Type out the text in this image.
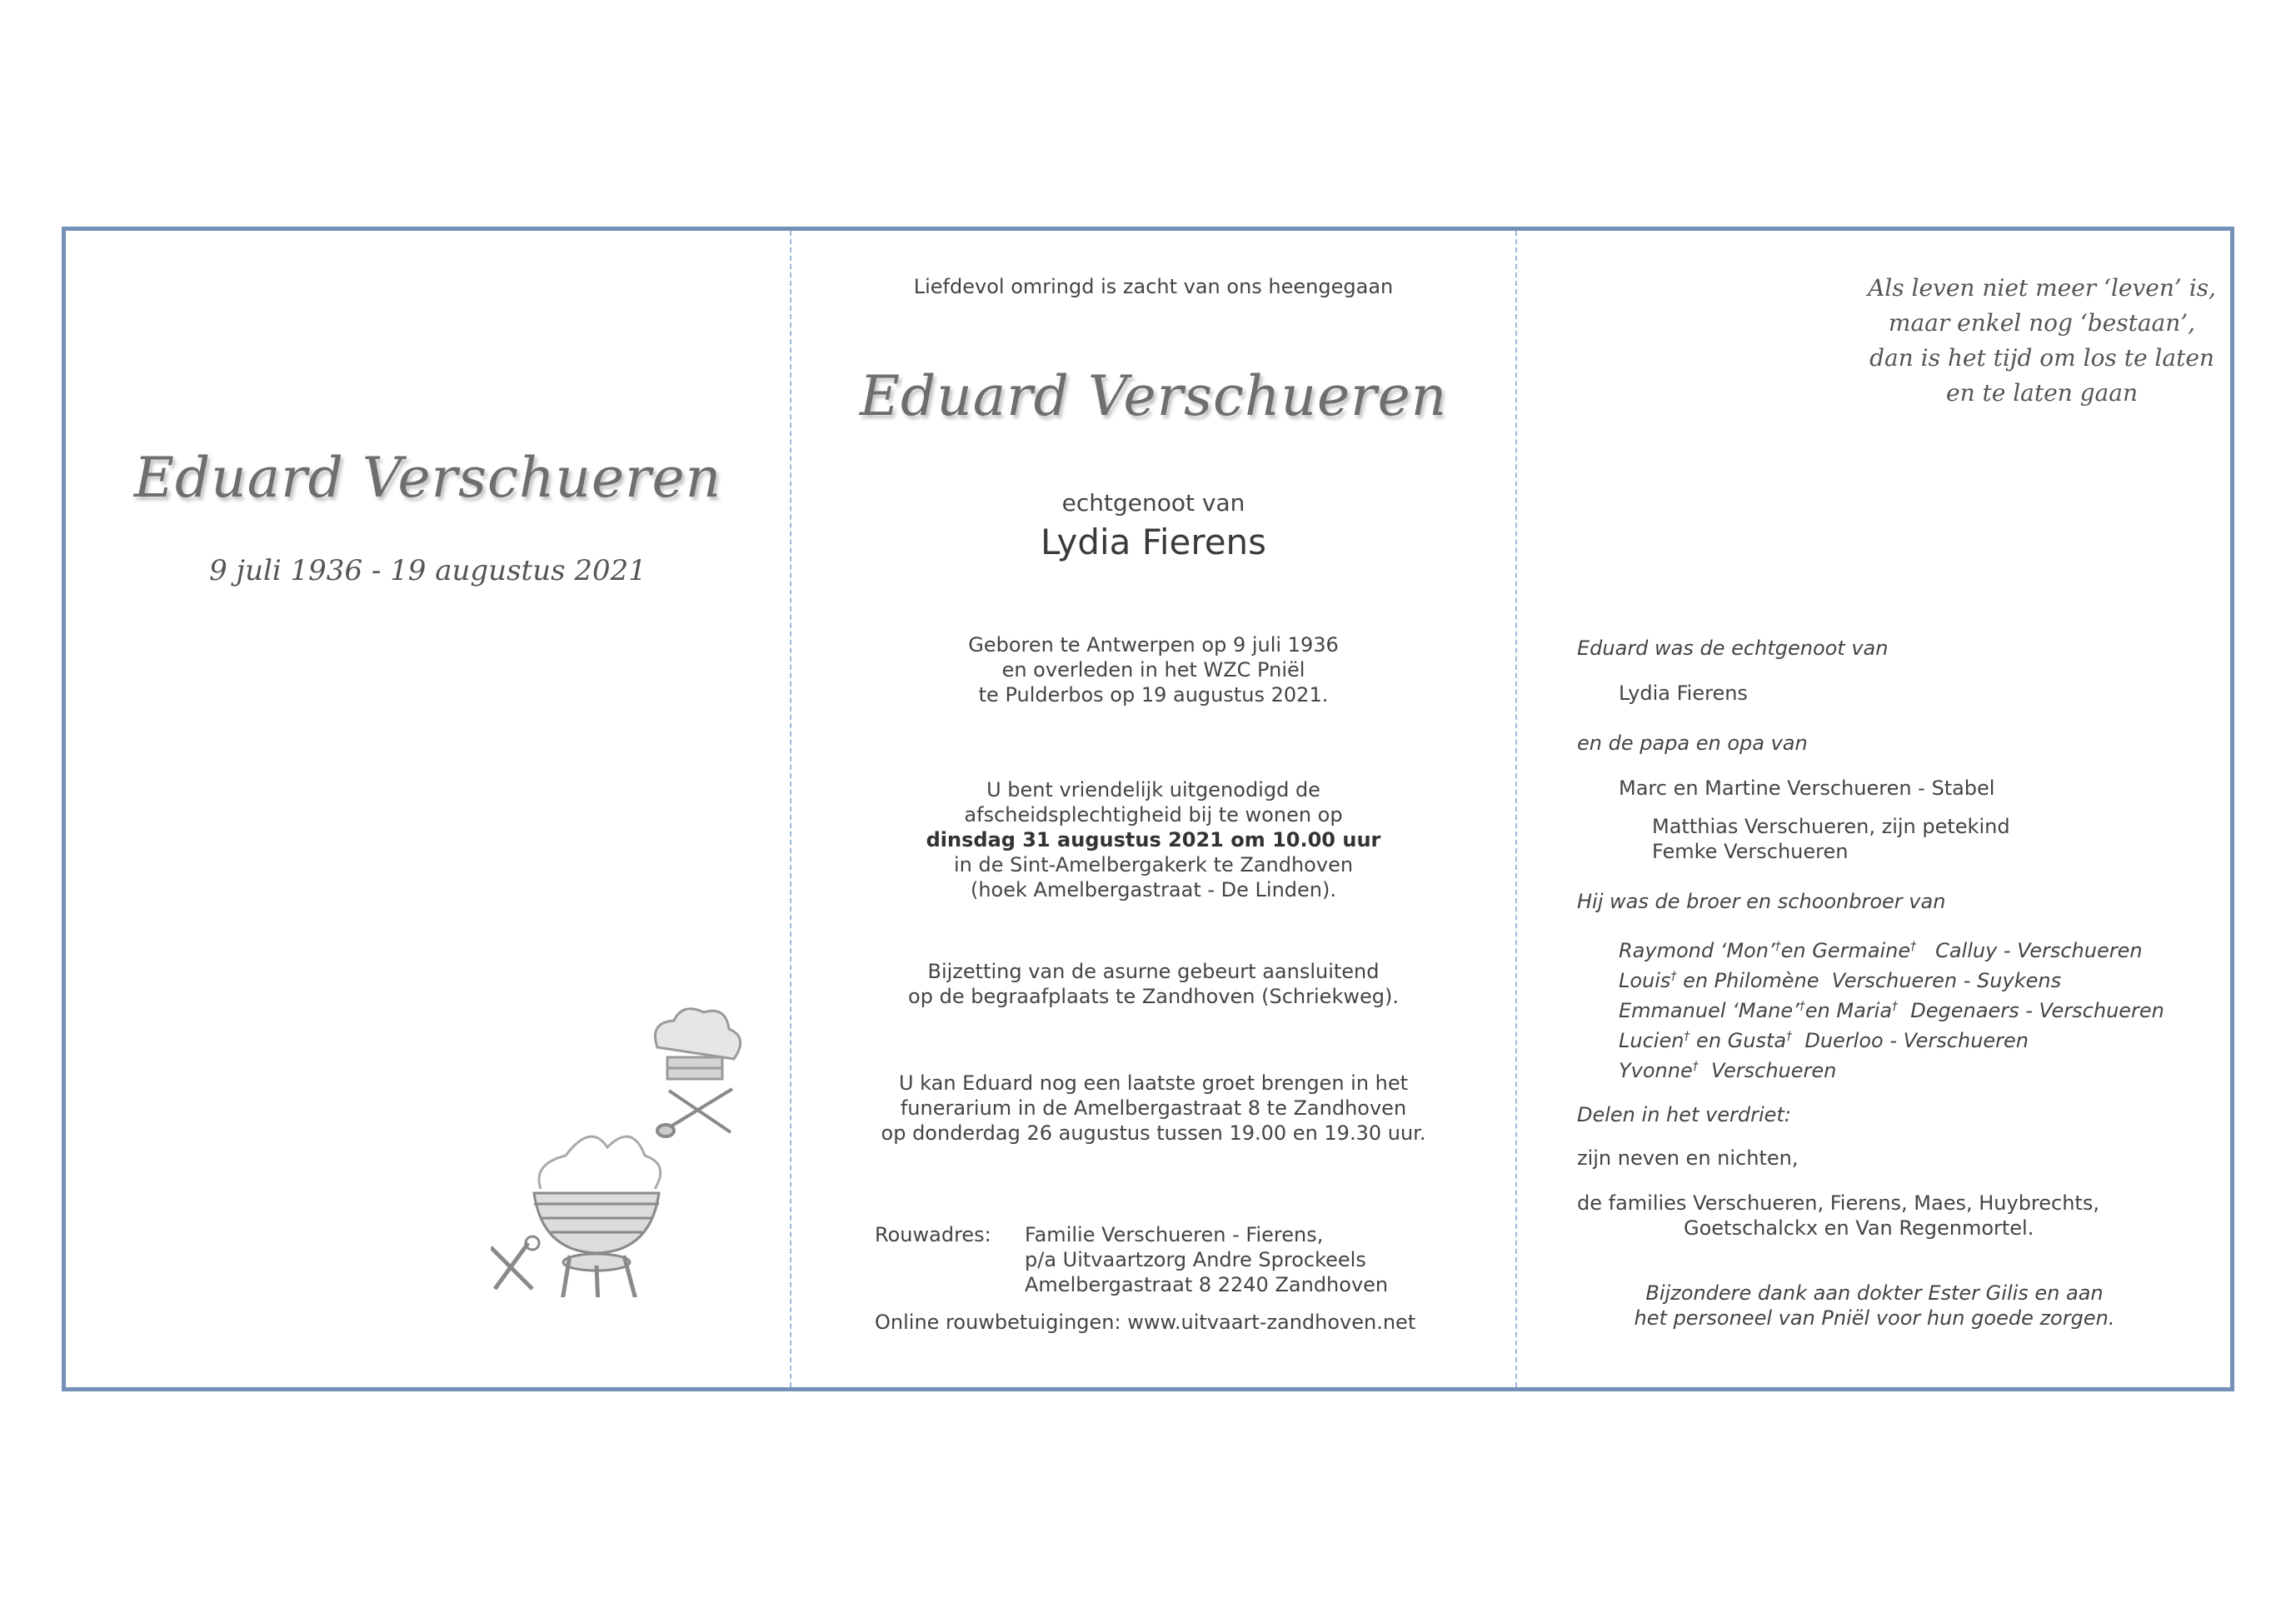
Eduard Verschueren
9 juli 1936 - 19 augustus 2021
Liefdevol omringd is zacht van ons heengegaan
Eduard Verschueren
echtgenoot van
Lydia Fierens
Geboren te Antwerpen op 9 juli 1936
en overleden in het WZC Pniël
te Pulderbos op 19 augustus 2021.
U bent vriendelijk uitgenodigd de
afscheidsplechtigheid bij te wonen op
dinsdag 31 augustus 2021 om 10.00 uur
in de Sint-Amelbergakerk te Zandhoven
(hoek Amelbergastraat - De Linden).
Bijzetting van de asurne gebeurt aansluitend
op de begraafplaats te Zandhoven (Schriekweg).
U kan Eduard nog een laatste groet brengen in het
funerarium in de Amelbergastraat 8 te Zandhoven
op donderdag 26 augustus tussen 19.00 en 19.30 uur.
Rouwadres: Familie Verschueren - Fierens,
p/a Uitvaartzorg Andre Sprockeels
Amelbergastraat 8 2240 Zandhoven
Online rouwbetuigingen: www.uitvaart-zandhoven.net
Als leven niet meer ‘leven’ is,
maar enkel nog ‘bestaan’,
dan is het tijd om los te laten
en te laten gaan
Eduard was de echtgenoot van
Lydia Fierens
en de papa en opa van
Marc en Martine Verschueren - Stabel
Matthias Verschueren, zijn petekind
Femke Verschueren
Hij was de broer en schoonbroer van
Raymond ‘Mon’†en Germaine† Calluy - Verschueren
Louis† en Philomène Verschueren - Suykens
Emmanuel ‘Mane’†en Maria† Degenaers - Verschueren
Lucien† en Gusta† Duerloo - Verschueren
Yvonne† Verschueren
Delen in het verdriet:
zijn neven en nichten,
de families Verschueren, Fierens, Maes, Huybrechts,
Goetschalckx en Van Regenmortel.
Bijzondere dank aan dokter Ester Gilis en aan
het personeel van Pniël voor hun goede zorgen.
